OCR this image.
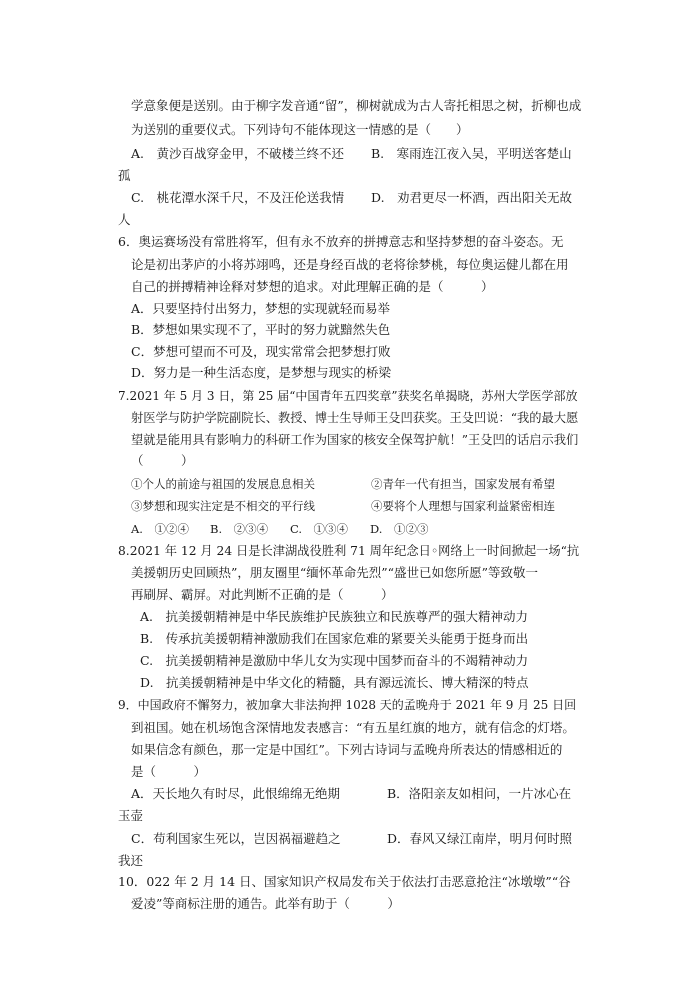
学意象便是送别。由于柳字发音通“留”，柳树就成为古人寄托相思之树，折柳也成
为送别的重要仪式。下列诗句不能体现这一情感的是（　　）
A.　黄沙百战穿金甲，不破楼兰终不还 B.　寒雨连江夜入吴，平明送客楚山
孤
C.　桃花潭水深千尺，不及汪伦送我情 D.　劝君更尽一杯酒，西出阳关无故
人
6．奥运赛场没有常胜将军，但有永不放弃的拼搏意志和坚持梦想的奋斗姿态。无
论是初出茅庐的小将苏翊鸣，还是身经百战的老将徐梦桃，每位奥运健儿都在用
自己的拼搏精神诠释对梦想的追求。对此理解正确的是（　　　）
A．只要坚持付出努力，梦想的实现就轻而易举
B．梦想如果实现不了，平时的努力就黯然失色
C．梦想可望而不可及，现实常常会把梦想打败
D．努力是一种生活态度，是梦想与现实的桥梁
7.2021 年 5 月 3 日，第 25 届“中国青年五四奖章”获奖名单揭晓，苏州大学医学部放
射医学与防护学院副院长、教授、博士生导师王殳凹获奖。王殳凹说：“我的最大愿
望就是能用具有影响力的科研工作为国家的核安全保驾护航！”王殳凹的话启示我们
（　　　）
①个人的前途与祖国的发展息息相关	②青年一代有担当，国家发展有希望
③梦想和现实注定是不相交的平行线	④要将个人理想与国家利益紧密相连
A.　①②④ B.　②③④ C.　①③④ D.　①②③
8.2021 年 12 月 24 日是长津湖战役胜利 71 周年纪念日◦网络上一时间掀起一场“抗
美援朝历史回顾热”，朋友圈里“缅怀革命先烈”“盛世已如您所愿”等致敬一
再刷屏、霸屏。对此判断不正确的是（　　　）
A.　抗美援朝精神是中华民族维护民族独立和民族尊严的强大精神动力
B.　传承抗美援朝精神激励我们在国家危难的紧要关头能勇于挺身而出
C.　抗美援朝精神是激励中华儿女为实现中国梦而奋斗的不竭精神动力
D.　抗美援朝精神是中华文化的精髓，具有源远流长、博大精深的特点
9．中国政府不懈努力，被加拿大非法拘押 1028 天的孟晚舟于 2021 年 9 月 25 日回
到祖国。她在机场饱含深情地发表感言：“有五星红旗的地方，就有信念的灯塔。
如果信念有颜色，那一定是中国红”。下列古诗词与孟晚舟所表达的情感相近的
是（　　　）
A．天长地久有时尽，此恨绵绵无绝期	B．洛阳亲友如相问，一片冰心在
玉壶
C．苟利国家生死以，岂因祸福避趋之	D．春风又绿江南岸，明月何时照
我还
10．022 年 2 月 14 日、国家知识产权局发布关于依法打击恶意抢注“冰墩墩”“谷
爱凌”等商标注册的通告。此举有助于（　　　）
